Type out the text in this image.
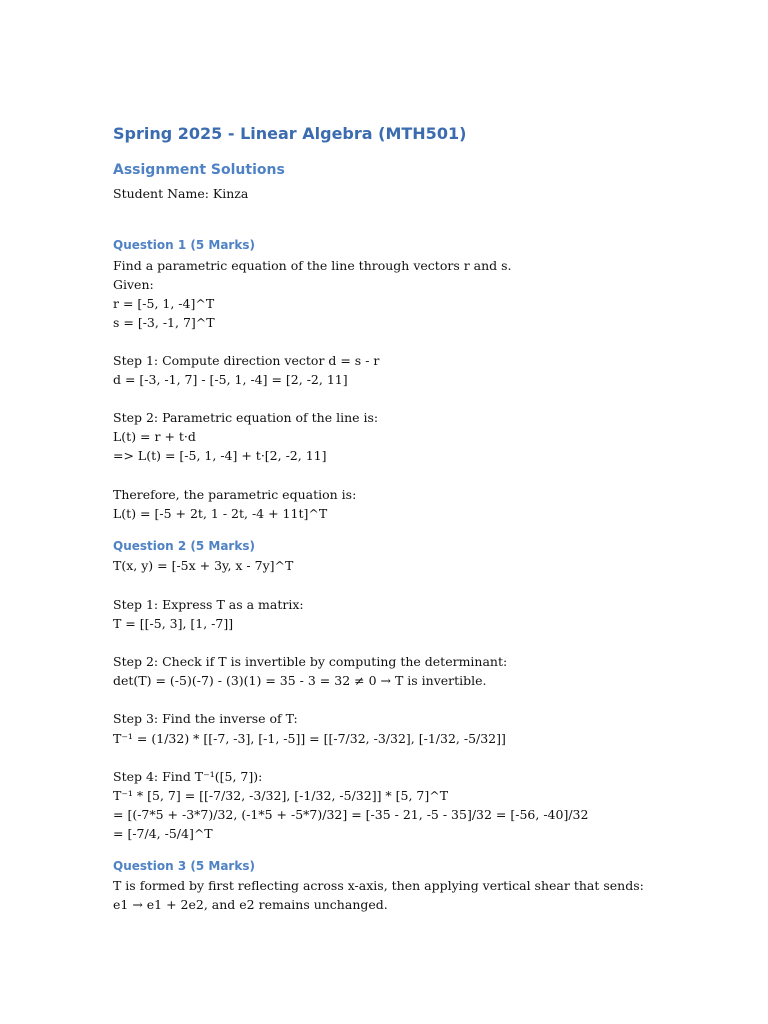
Spring 2025 - Linear Algebra (MTH501)
Assignment Solutions
Student Name: Kinza
Question 1 (5 Marks)
Find a parametric equation of the line through vectors r and s.
Given:
r = [-5, 1, -4]^T
s = [-3, -1, 7]^T
Step 1: Compute direction vector d = s - r
d = [-3, -1, 7] - [-5, 1, -4] = [2, -2, 11]
Step 2: Parametric equation of the line is:
L(t) = r + t·d
=> L(t) = [-5, 1, -4] + t·[2, -2, 11]
Therefore, the parametric equation is:
L(t) = [-5 + 2t, 1 - 2t, -4 + 11t]^T
Question 2 (5 Marks)
T(x, y) = [-5x + 3y, x - 7y]^T
Step 1: Express T as a matrix:
T = [[-5, 3], [1, -7]]
Step 2: Check if T is invertible by computing the determinant:
det(T) = (-5)(-7) - (3)(1) = 35 - 3 = 32 ≠ 0 → T is invertible.
Step 3: Find the inverse of T:
T⁻¹ = (1/32) * [[-7, -3], [-1, -5]] = [[-7/32, -3/32], [-1/32, -5/32]]
Step 4: Find T⁻¹([5, 7]):
T⁻¹ * [5, 7] = [[-7/32, -3/32], [-1/32, -5/32]] * [5, 7]^T
= [(-7*5 + -3*7)/32, (-1*5 + -5*7)/32] = [-35 - 21, -5 - 35]/32 = [-56, -40]/32
= [-7/4, -5/4]^T
Question 3 (5 Marks)
T is formed by first reflecting across x-axis, then applying vertical shear that sends:
e1 → e1 + 2e2, and e2 remains unchanged.
